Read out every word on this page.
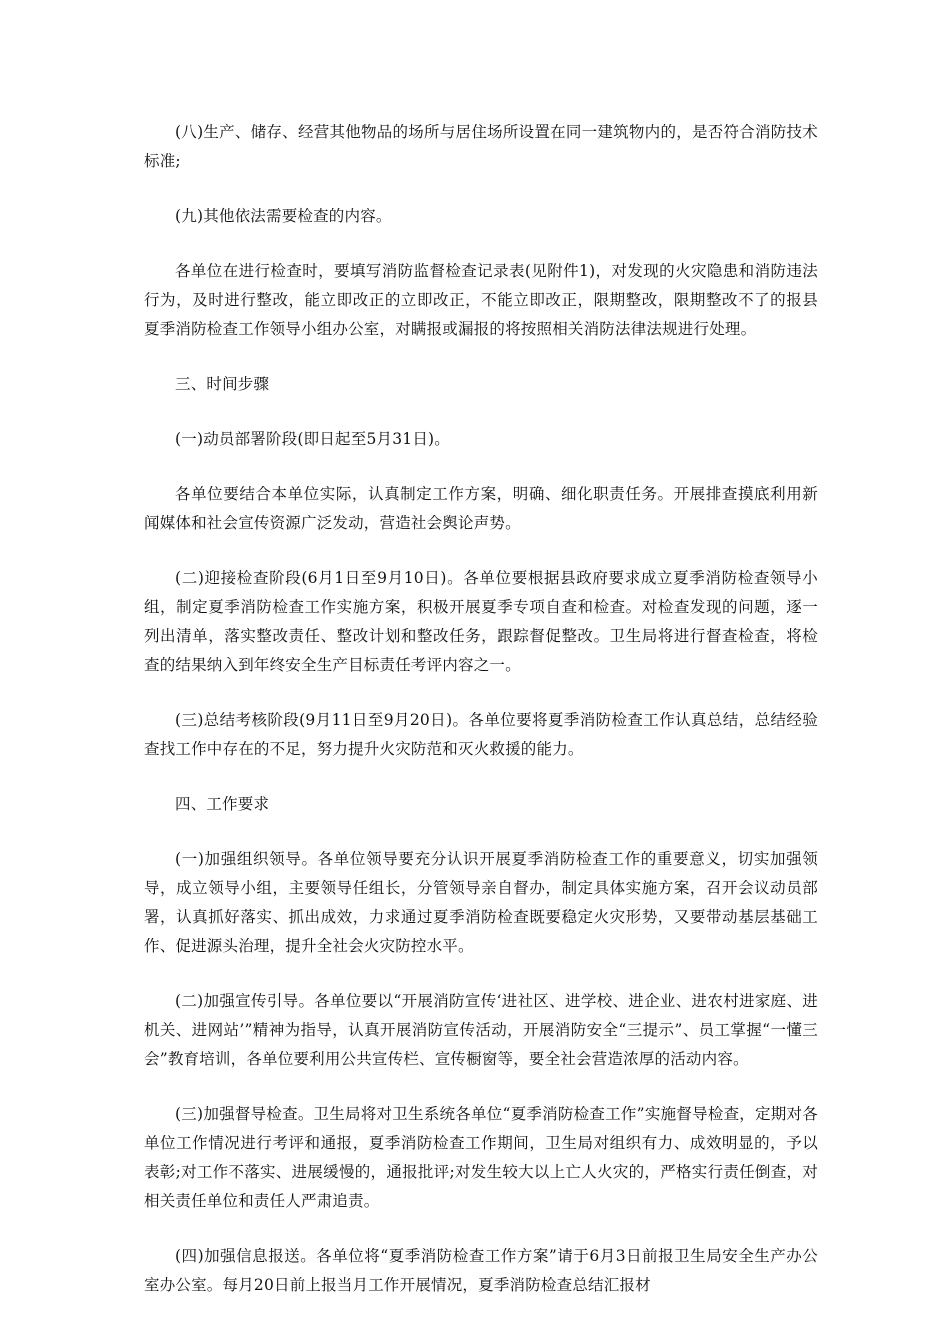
(八)生产、储存、经营其他物品的场所与居住场所设置在同一建筑物内的，是否符合消防技术标准;

(九)其他依法需要检查的内容。

各单位在进行检查时，要填写消防监督检查记录表(见附件1)，对发现的火灾隐患和消防违法行为，及时进行整改，能立即改正的立即改正，不能立即改正，限期整改，限期整改不了的报县夏季消防检查工作领导小组办公室，对瞒报或漏报的将按照相关消防法律法规进行处理。

三、时间步骤

(一)动员部署阶段(即日起至5月31日)。

各单位要结合本单位实际，认真制定工作方案，明确、细化职责任务。开展排查摸底利用新闻媒体和社会宣传资源广泛发动，营造社会舆论声势。

(二)迎接检查阶段(6月1日至9月10日)。各单位要根据县政府要求成立夏季消防检查领导小组，制定夏季消防检查工作实施方案，积极开展夏季专项自查和检查。对检查发现的问题，逐一列出清单，落实整改责任、整改计划和整改任务，跟踪督促整改。卫生局将进行督查检查，将检查的结果纳入到年终安全生产目标责任考评内容之一。

(三)总结考核阶段(9月11日至9月20日)。各单位要将夏季消防检查工作认真总结，总结经验查找工作中存在的不足，努力提升火灾防范和灭火救援的能力。

四、工作要求

(一)加强组织领导。各单位领导要充分认识开展夏季消防检查工作的重要意义，切实加强领导，成立领导小组，主要领导任组长，分管领导亲自督办，制定具体实施方案，召开会议动员部署，认真抓好落实、抓出成效，力求通过夏季消防检查既要稳定火灾形势，又要带动基层基础工作、促进源头治理，提升全社会火灾防控水平。

(二)加强宣传引导。各单位要以“开展消防宣传‘进社区、进学校、进企业、进农村进家庭、进机关、进网站’”精神为指导，认真开展消防宣传活动，开展消防安全“三提示”、员工掌握“一懂三会”教育培训，各单位要利用公共宣传栏、宣传橱窗等，要全社会营造浓厚的活动内容。

(三)加强督导检查。卫生局将对卫生系统各单位“夏季消防检查工作”实施督导检查，定期对各单位工作情况进行考评和通报，夏季消防检查工作期间，卫生局对组织有力、成效明显的，予以表彰;对工作不落实、进展缓慢的，通报批评;对发生较大以上亡人火灾的，严格实行责任倒查，对相关责任单位和责任人严肃追责。

(四)加强信息报送。各单位将“夏季消防检查工作方案”请于6月3日前报卫生局安全生产办公室办公室。每月20日前上报当月工作开展情况，夏季消防检查总结汇报材
